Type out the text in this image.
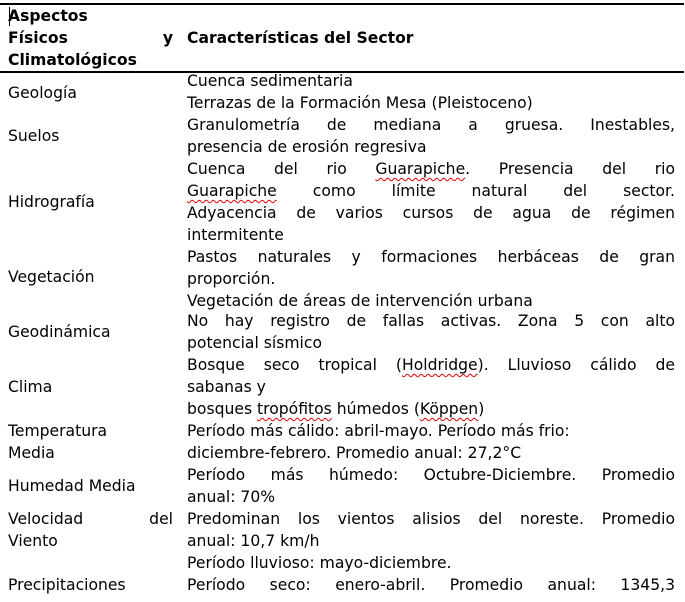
Aspectos
Físicos	y
Climatológicos
Características del Sector
Geología
Cuenca sedimentaria
Terrazas de la Formación Mesa (Pleistoceno)
Suelos
Granulometría de mediana a gruesa. Inestables,
presencia de erosión regresiva
Hidrografía
Cuenca del rio Guarapiche. Presencia del rio
Guarapiche como límite natural del sector.
Adyacencia de varios cursos de agua de régimen
intermitente
Vegetación
Pastos naturales y formaciones herbáceas de gran
proporción.
Vegetación de áreas de intervención urbana
Geodinámica
No hay registro de fallas activas. Zona 5 con alto
potencial sísmico
Clima
Bosque seco tropical (Holdridge). Lluvioso cálido de
sabanas y
bosques tropófitos húmedos (Köppen)
Temperatura
Media
Período más cálido: abril-mayo. Período más frio:
diciembre-febrero. Promedio anual: 27,2°C
Humedad Media
Período más húmedo: Octubre-Diciembre. Promedio
anual: 70%
Velocidad	del
Viento
Predominan los vientos alisios del noreste. Promedio
anual: 10,7 km/h
Precipitaciones
Período lluvioso: mayo-diciembre.
Período seco: enero-abril. Promedio anual: 1345,3
